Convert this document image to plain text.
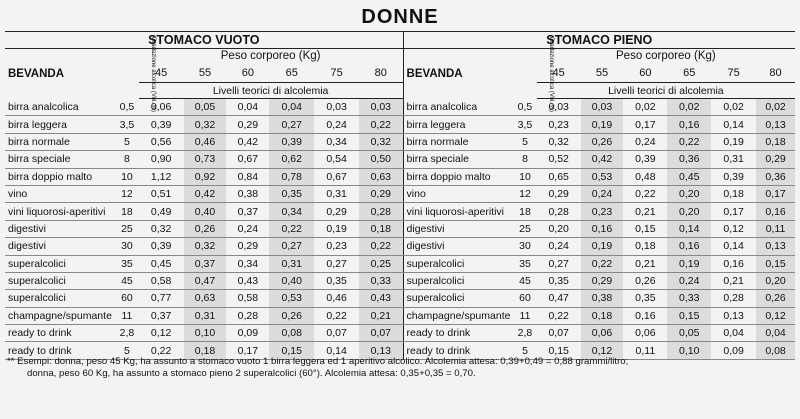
DONNE
STOMACO VUOTO								STOMACO PIENO							
BEVANDA	Gradazione alcolica (Vol. %)	Peso corporeo (Kg)						BEVANDA	Gradazione alcolica (Vol. %)	Peso corporeo (Kg)					
		45	55	60	65	75	80			45	55	60	65	75	80
		Livelli teorici di alcolemia								Livelli teorici di alcolemia					
birra analcolica	0,5	0,06	0,05	0,04	0,04	0,03	0,03	birra analcolica	0,5	0,03	0,03	0,02	0,02	0,02	0,02
birra leggera	3,5	0,39	0,32	0,29	0,27	0,24	0,22	birra leggera	3,5	0,23	0,19	0,17	0,16	0,14	0,13
birra normale	5	0,56	0,46	0,42	0,39	0,34	0,32	birra normale	5	0,32	0,26	0,24	0,22	0,19	0,18
birra speciale	8	0,90	0,73	0,67	0,62	0,54	0,50	birra speciale	8	0,52	0,42	0,39	0,36	0,31	0,29
birra doppio malto	10	1,12	0,92	0,84	0,78	0,67	0,63	birra doppio malto	10	0,65	0,53	0,48	0,45	0,39	0,36
vino	12	0,51	0,42	0,38	0,35	0,31	0,29	vino	12	0,29	0,24	0,22	0,20	0,18	0,17
vini liquorosi-aperitivi	18	0,49	0,40	0,37	0,34	0,29	0,28	vini liquorosi-aperitivi	18	0,28	0,23	0,21	0,20	0,17	0,16
digestivi	25	0,32	0,26	0,24	0,22	0,19	0,18	digestivi	25	0,20	0,16	0,15	0,14	0,12	0,11
digestivi	30	0,39	0,32	0,29	0,27	0,23	0,22	digestivi	30	0,24	0,19	0,18	0,16	0,14	0,13
superalcolici	35	0,45	0,37	0,34	0,31	0,27	0,25	superalcolici	35	0,27	0,22	0,21	0,19	0,16	0,15
superalcolici	45	0,58	0,47	0,43	0,40	0,35	0,33	superalcolici	45	0,35	0,29	0,26	0,24	0,21	0,20
superalcolici	60	0,77	0,63	0,58	0,53	0,46	0,43	superalcolici	60	0,47	0,38	0,35	0,33	0,28	0,26
champagne/spumante	11	0,37	0,31	0,28	0,26	0,22	0,21	champagne/spumante	11	0,22	0,18	0,16	0,15	0,13	0,12
ready to drink	2,8	0,12	0,10	0,09	0,08	0,07	0,07	ready to drink	2,8	0,07	0,06	0,06	0,05	0,04	0,04
ready to drink	5	0,22	0,18	0,17	0,15	0,14	0,13	ready to drink	5	0,15	0,12	0,11	0,10	0,09	0,08
** Esempi: donna, peso 45 Kg, ha assunto a stomaco vuoto 1 birra leggera ed 1 aperitivo alcolico. Alcolemia attesa: 0,39+0,49 = 0,88 grammi/litro;
donna, peso 60 Kg, ha assunto a stomaco pieno 2 superalcolici (60°). Alcolemia attesa: 0,35+0,35 = 0,70.
